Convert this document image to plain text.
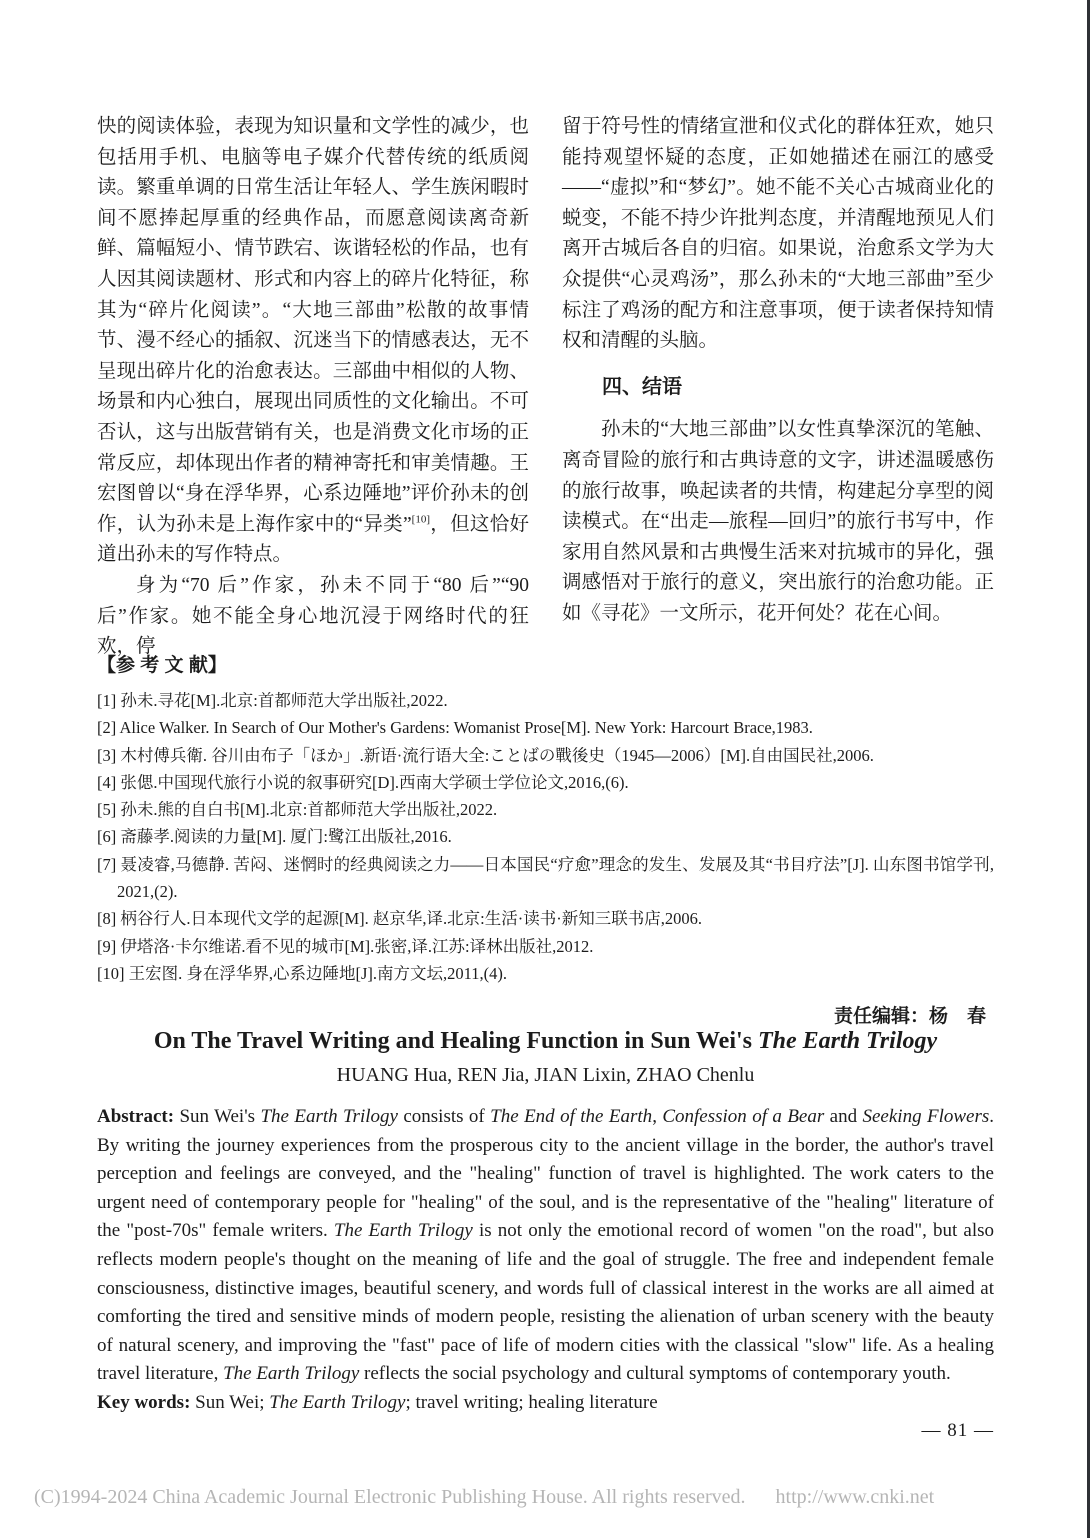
快的阅读体验，表现为知识量和文学性的减少，也包括用手机、电脑等电子媒介代替传统的纸质阅读。繁重单调的日常生活让年轻人、学生族闲暇时间不愿捧起厚重的经典作品，而愿意阅读离奇新鲜、篇幅短小、情节跌宕、诙谐轻松的作品，也有人因其阅读题材、形式和内容上的碎片化特征，称其为“碎片化阅读”。“大地三部曲”松散的故事情节、漫不经心的插叙、沉迷当下的情感表达，无不呈现出碎片化的治愈表达。三部曲中相似的人物、场景和内心独白，展现出同质性的文化输出。不可否认，这与出版营销有关，也是消费文化市场的正常反应，却体现出作者的精神寄托和审美情趣。王宏图曾以“身在浮华界，心系边陲地”评价孙未的创作，认为孙未是上海作家中的“异类”[10]，但这恰好道出孙未的写作特点。

身为“70 后”作家，孙未不同于“80 后”“90 后”作家。她不能全身心地沉浸于网络时代的狂欢，停

留于符号性的情绪宣泄和仪式化的群体狂欢，她只能持观望怀疑的态度，正如她描述在丽江的感受——“虚拟”和“梦幻”。她不能不关心古城商业化的蜕变，不能不持少许批判态度，并清醒地预见人们离开古城后各自的归宿。如果说，治愈系文学为大众提供“心灵鸡汤”，那么孙未的“大地三部曲”至少标注了鸡汤的配方和注意事项，便于读者保持知情权和清醒的头脑。

四、结语

孙未的“大地三部曲”以女性真挚深沉的笔触、离奇冒险的旅行和古典诗意的文字，讲述温暖感伤的旅行故事，唤起读者的共情，构建起分享型的阅读模式。在“出走—旅程—回归”的旅行书写中，作家用自然风景和古典慢生活来对抗城市的异化，强调感悟对于旅行的意义，突出旅行的治愈功能。正如《寻花》一文所示，花开何处？花在心间。

【参 考 文 献】
[1] 孙未.寻花[M].北京:首都师范大学出版社,2022.
[2] Alice Walker. In Search of Our Mother's Gardens: Womanist Prose[M]. New York: Harcourt Brace,1983.
[3] 木村傅兵衛. 谷川由布子「ほか」.新语·流行语大全:ことばの戰後史（1945—2006）[M].自由国民社,2006.
[4] 张偲.中国现代旅行小说的叙事研究[D].西南大学硕士学位论文,2016,(6).
[5] 孙未.熊的自白书[M].北京:首都师范大学出版社,2022.
[6] 斋藤孝.阅读的力量[M]. 厦门:鹭江出版社,2016.
[7] 聂凌睿,马德静. 苦闷、迷惘时的经典阅读之力——日本国民“疗愈”理念的发生、发展及其“书目疗法”[J]. 山东图书馆学刊, 2021,(2).
[8] 柄谷行人.日本现代文学的起源[M]. 赵京华,译.北京:生活·读书·新知三联书店,2006.
[9] 伊塔洛·卡尔维诺.看不见的城市[M].张密,译.江苏:译林出版社,2012.
[10] 王宏图. 身在浮华界,心系边陲地[J].南方文坛,2011,(4).
责任编辑：杨　春
On The Travel Writing and Healing Function in Sun Wei's The Earth Trilogy
HUANG Hua, REN Jia, JIAN Lixin, ZHAO Chenlu

Abstract: Sun Wei's The Earth Trilogy consists of The End of the Earth, Confession of a Bear and Seeking Flowers. By writing the journey experiences from the prosperous city to the ancient village in the border, the author's travel perception and feelings are conveyed, and the "healing" function of travel is highlighted. The work caters to the urgent need of contemporary people for "healing" of the soul, and is the representative of the "healing" literature of the "post-70s" female writers. The Earth Trilogy is not only the emotional record of women "on the road", but also reflects modern people's thought on the meaning of life and the goal of struggle. The free and independent female consciousness, distinctive images, beautiful scenery, and words full of classical interest in the works are all aimed at comforting the tired and sensitive minds of modern people, resisting the alienation of urban scenery with the beauty of natural scenery, and improving the "fast" pace of life of modern cities with the classical "slow" life. As a healing travel literature, The Earth Trilogy reflects the social psychology and cultural symptoms of contemporary youth.

Key words: Sun Wei; The Earth Trilogy; travel writing; healing literature

— 81 —
(C)1994-2024 China Academic Journal Electronic Publishing House. All rights reserved. http://www.cnki.net
